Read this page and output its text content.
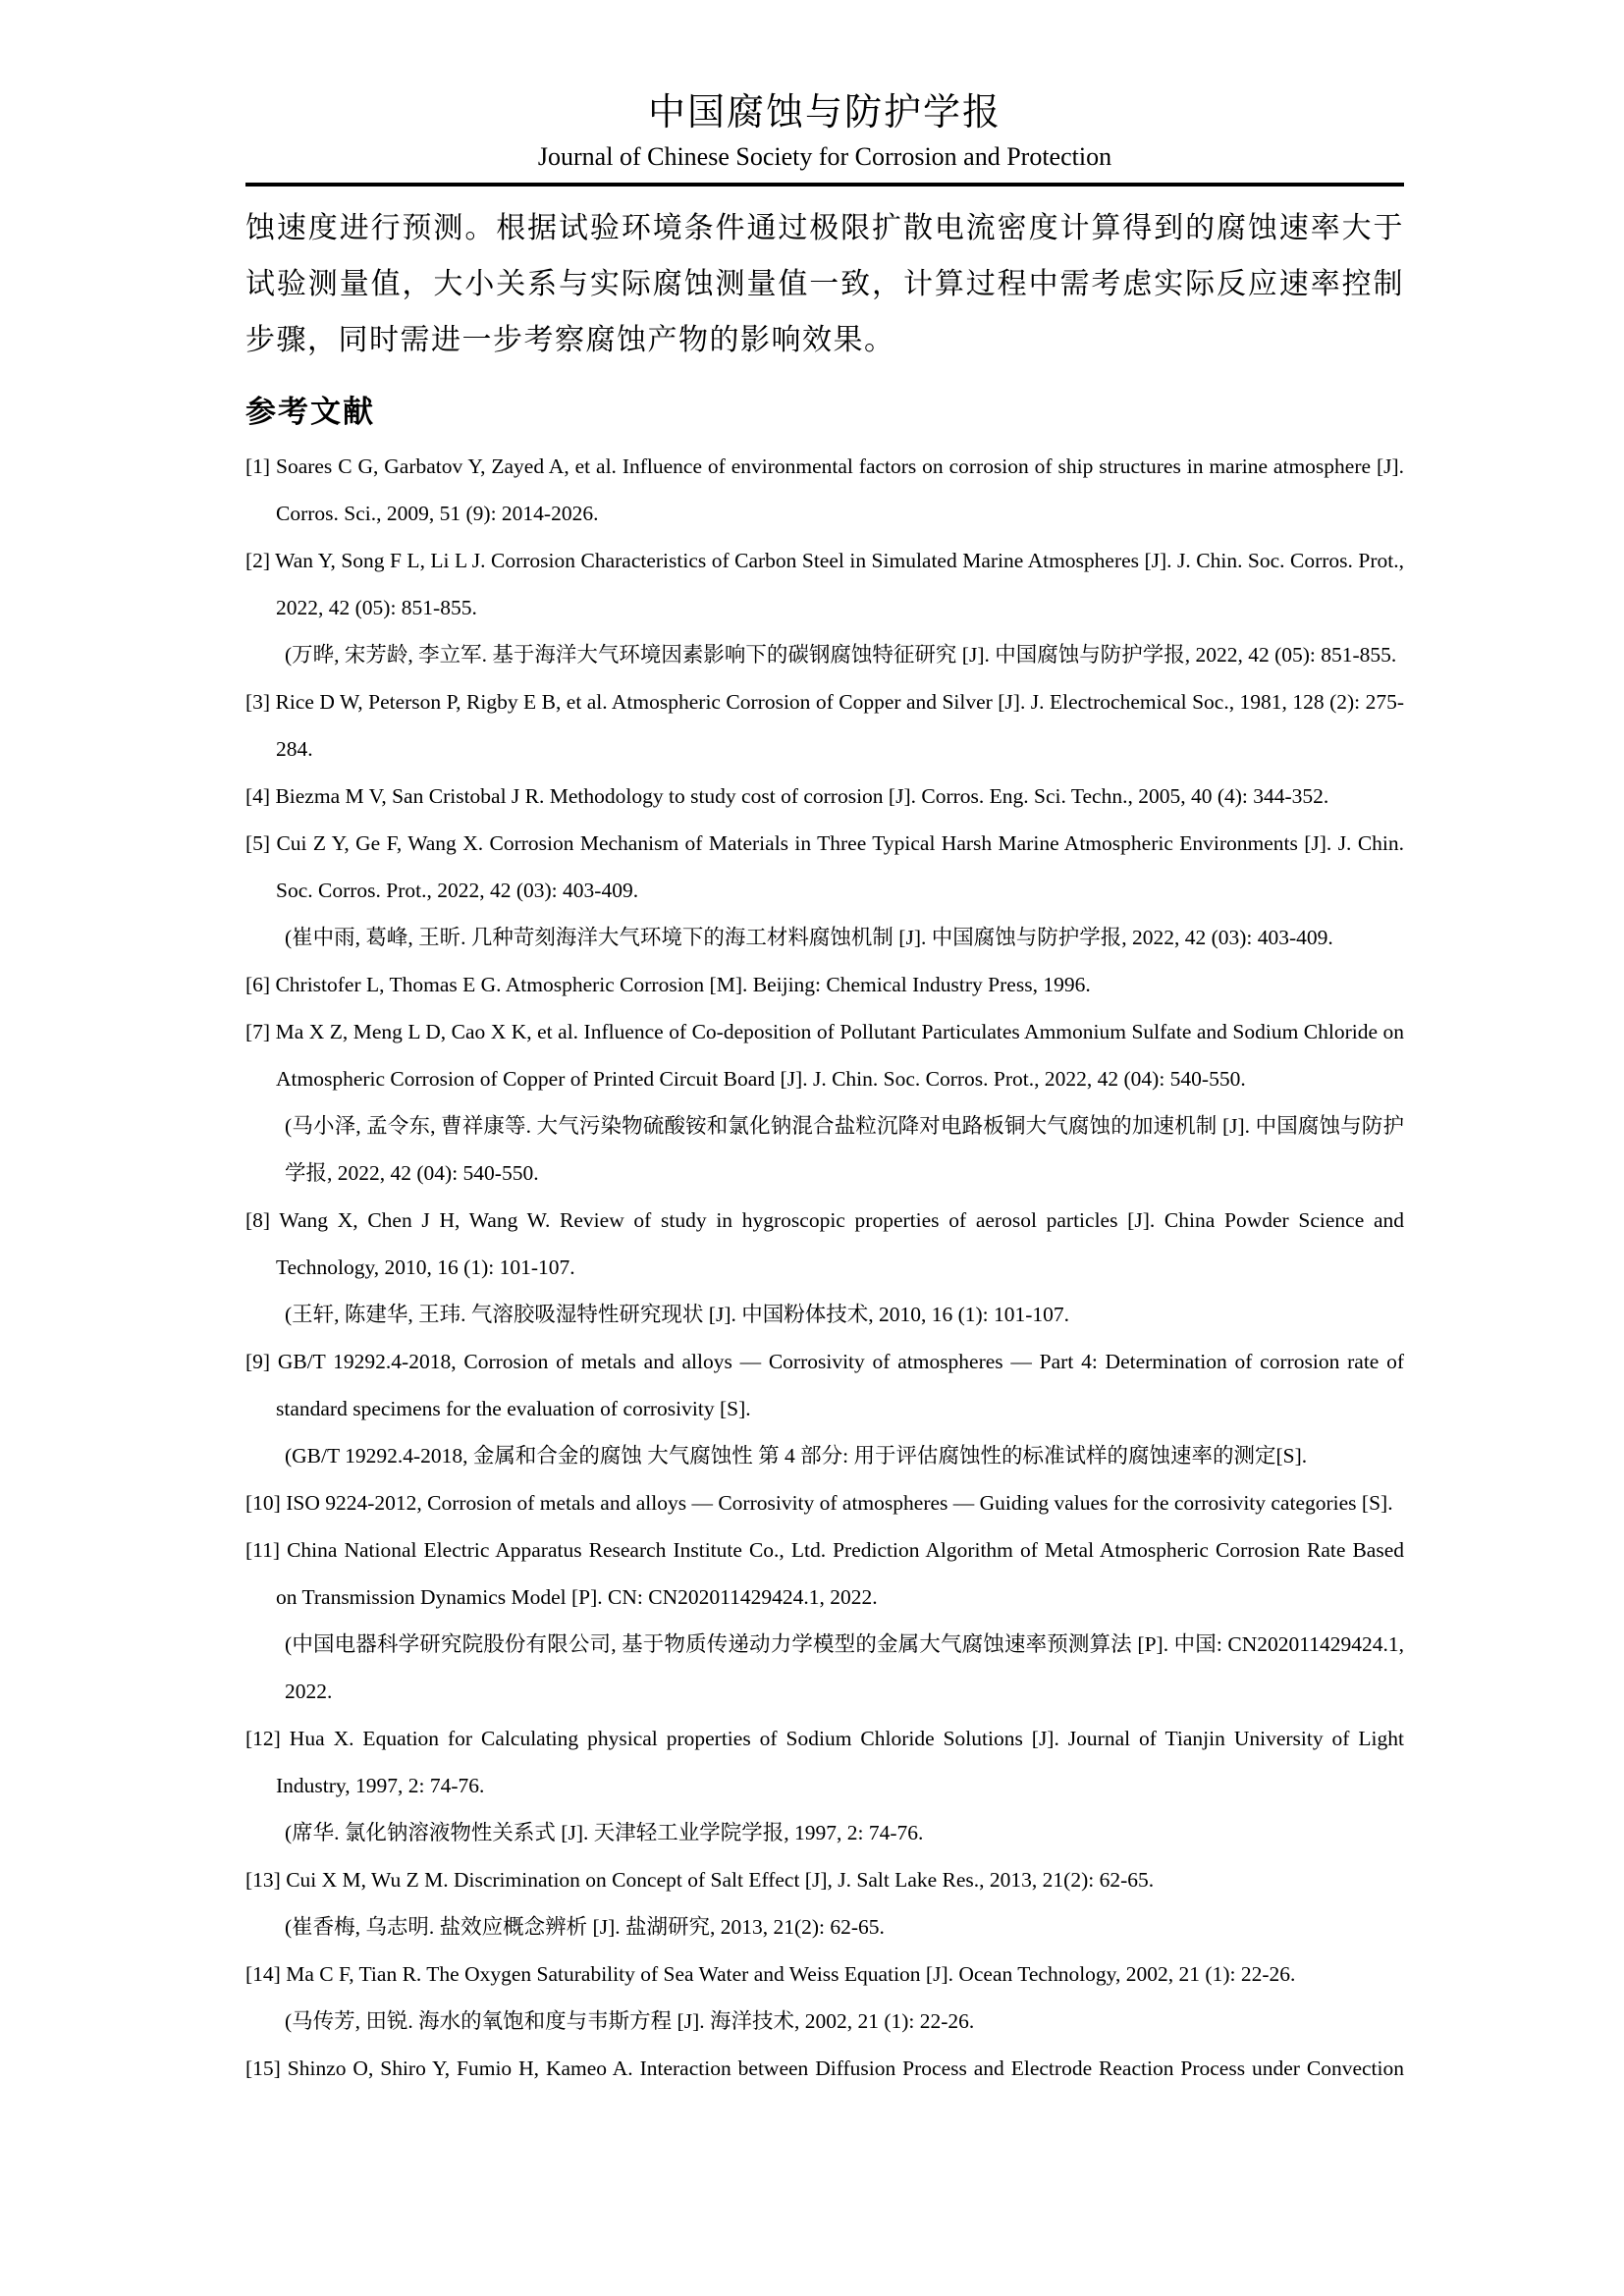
中国腐蚀与防护学报
Journal of Chinese Society for Corrosion and Protection

蚀速度进行预测。根据试验环境条件通过极限扩散电流密度计算得到的腐蚀速率大于试验测量值，大小关系与实际腐蚀测量值一致，计算过程中需考虑实际反应速率控制步骤，同时需进一步考察腐蚀产物的影响效果。

参考文献

[1] Soares C G, Garbatov Y, Zayed A, et al. Influence of environmental factors on corrosion of ship structures in marine atmosphere [J]. Corros. Sci., 2009, 51 (9): 2014-2026.

[2] Wan Y, Song F L, Li L J. Corrosion Characteristics of Carbon Steel in Simulated Marine Atmospheres [J]. J. Chin. Soc. Corros. Prot., 2022, 42 (05): 851-855.

(万晔, 宋芳龄, 李立军. 基于海洋大气环境因素影响下的碳钢腐蚀特征研究 [J]. 中国腐蚀与防护学报, 2022, 42 (05): 851-855.

[3] Rice D W, Peterson P, Rigby E B, et al. Atmospheric Corrosion of Copper and Silver [J]. J. Electrochemical Soc., 1981, 128 (2): 275-284.

[4] Biezma M V, San Cristobal J R. Methodology to study cost of corrosion [J]. Corros. Eng. Sci. Techn., 2005, 40 (4): 344-352.

[5] Cui Z Y, Ge F, Wang X. Corrosion Mechanism of Materials in Three Typical Harsh Marine Atmospheric Environments [J]. J. Chin. Soc. Corros. Prot., 2022, 42 (03): 403-409.

(崔中雨, 葛峰, 王昕. 几种苛刻海洋大气环境下的海工材料腐蚀机制 [J]. 中国腐蚀与防护学报, 2022, 42 (03): 403-409.

[6] Christofer L, Thomas E G. Atmospheric Corrosion [M]. Beijing: Chemical Industry Press, 1996.

[7] Ma X Z, Meng L D, Cao X K, et al. Influence of Co-deposition of Pollutant Particulates Ammonium Sulfate and Sodium Chloride on Atmospheric Corrosion of Copper of Printed Circuit Board [J]. J. Chin. Soc. Corros. Prot., 2022, 42 (04): 540-550.

(马小泽, 孟令东, 曹祥康等. 大气污染物硫酸铵和氯化钠混合盐粒沉降对电路板铜大气腐蚀的加速机制 [J]. 中国腐蚀与防护学报, 2022, 42 (04): 540-550.

[8] Wang X, Chen J H, Wang W. Review of study in hygroscopic properties of aerosol particles [J]. China Powder Science and Technology, 2010, 16 (1): 101-107.

(王轩, 陈建华, 王玮. 气溶胶吸湿特性研究现状 [J]. 中国粉体技术, 2010, 16 (1): 101-107.

[9] GB/T 19292.4-2018, Corrosion of metals and alloys — Corrosivity of atmospheres — Part 4: Determination of corrosion rate of standard specimens for the evaluation of corrosivity [S].

(GB/T 19292.4-2018, 金属和合金的腐蚀 大气腐蚀性 第 4 部分: 用于评估腐蚀性的标准试样的腐蚀速率的测定[S].

[10] ISO 9224-2012, Corrosion of metals and alloys — Corrosivity of atmospheres — Guiding values for the corrosivity categories [S].

[11] China National Electric Apparatus Research Institute Co., Ltd. Prediction Algorithm of Metal Atmospheric Corrosion Rate Based on Transmission Dynamics Model [P]. CN: CN202011429424.1, 2022.

(中国电器科学研究院股份有限公司, 基于物质传递动力学模型的金属大气腐蚀速率预测算法 [P]. 中国: CN202011429424.1, 2022.

[12] Hua X. Equation for Calculating physical properties of Sodium Chloride Solutions [J]. Journal of Tianjin University of Light Industry, 1997, 2: 74-76.

(席华. 氯化钠溶液物性关系式 [J]. 天津轻工业学院学报, 1997, 2: 74-76.

[13] Cui X M, Wu Z M. Discrimination on Concept of Salt Effect [J], J. Salt Lake Res., 2013, 21(2): 62-65.

(崔香梅, 乌志明. 盐效应概念辨析 [J]. 盐湖研究, 2013, 21(2): 62-65.

[14] Ma C F, Tian R. The Oxygen Saturability of Sea Water and Weiss Equation [J]. Ocean Technology, 2002, 21 (1): 22-26.

(马传芳, 田锐. 海水的氧饱和度与韦斯方程 [J]. 海洋技术, 2002, 21 (1): 22-26.

[15] Shinzo O, Shiro Y, Fumio H, Kameo A. Interaction between Diffusion Process and Electrode Reaction Process under Convection
